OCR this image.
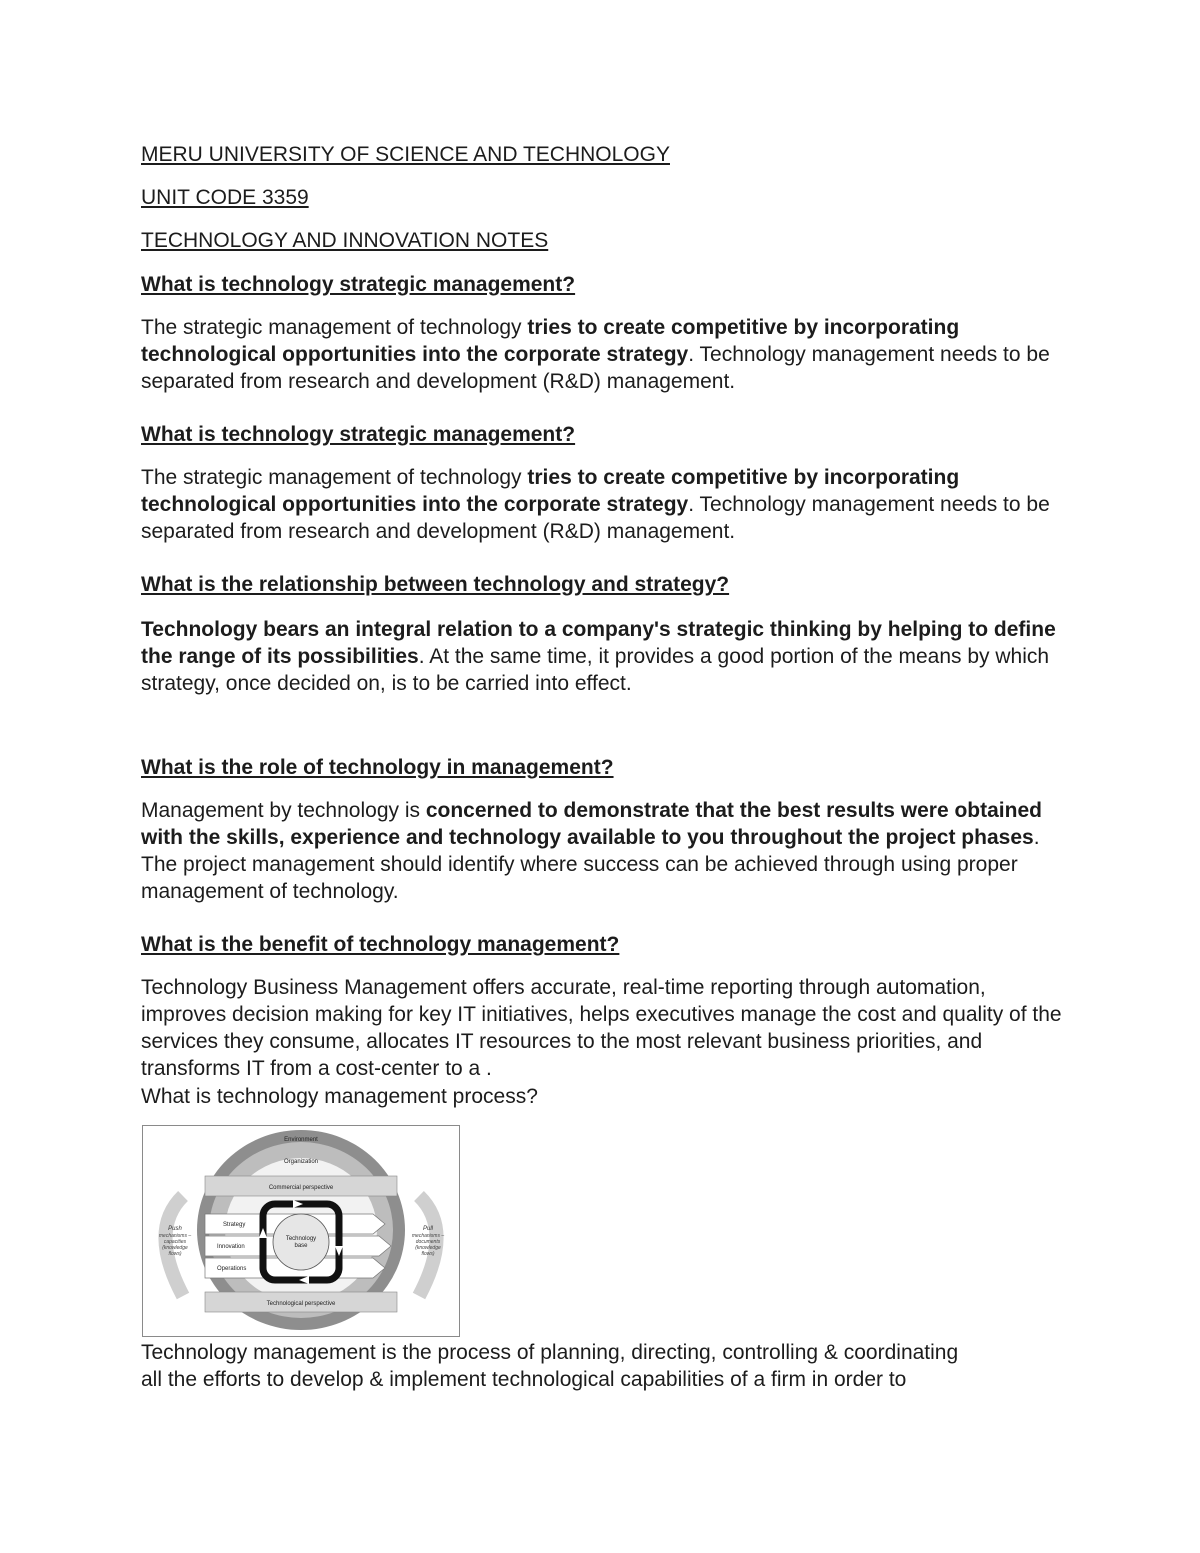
MERU UNIVERSITY OF SCIENCE AND TECHNOLOGY
UNIT CODE 3359
TECHNOLOGY AND INNOVATION NOTES
What is technology strategic management?

The strategic management of technology tries to create competitive by incorporating technological opportunities into the corporate strategy. Technology management needs to be separated from research and development (R&D) management.

What is technology strategic management?

The strategic management of technology tries to create competitive by incorporating technological opportunities into the corporate strategy. Technology management needs to be separated from research and development (R&D) management.

What is the relationship between technology and strategy?

Technology bears an integral relation to a company's strategic thinking by helping to define the range of its possibilities. At the same time, it provides a good portion of the means by which strategy, once decided on, is to be carried into effect.

What is the role of technology in management?

Management by technology is concerned to demonstrate that the best results were obtained with the skills, experience and technology available to you throughout the project phases. The project management should identify where success can be achieved through using proper management of technology.

What is the benefit of technology management?

Technology Business Management offers accurate, real-time reporting through automation, improves decision making for key IT initiatives, helps executives manage the cost and quality of the services they consume, allocates IT resources to the most relevant business priorities, and transforms IT from a cost-center to a .

What is technology management process?
Environment
Organization
Push
mechanisms –
capacities
(knowledge
flows)
Pull
mechanisms –
documents
(knowledge
flows)
Commercial perspective
Technological perspective
Strategy
Innovation
Operations
Technology
base
Technology management is the process of planning, directing, controlling & coordinating
all the efforts to develop & implement technological capabilities of a firm in order to
